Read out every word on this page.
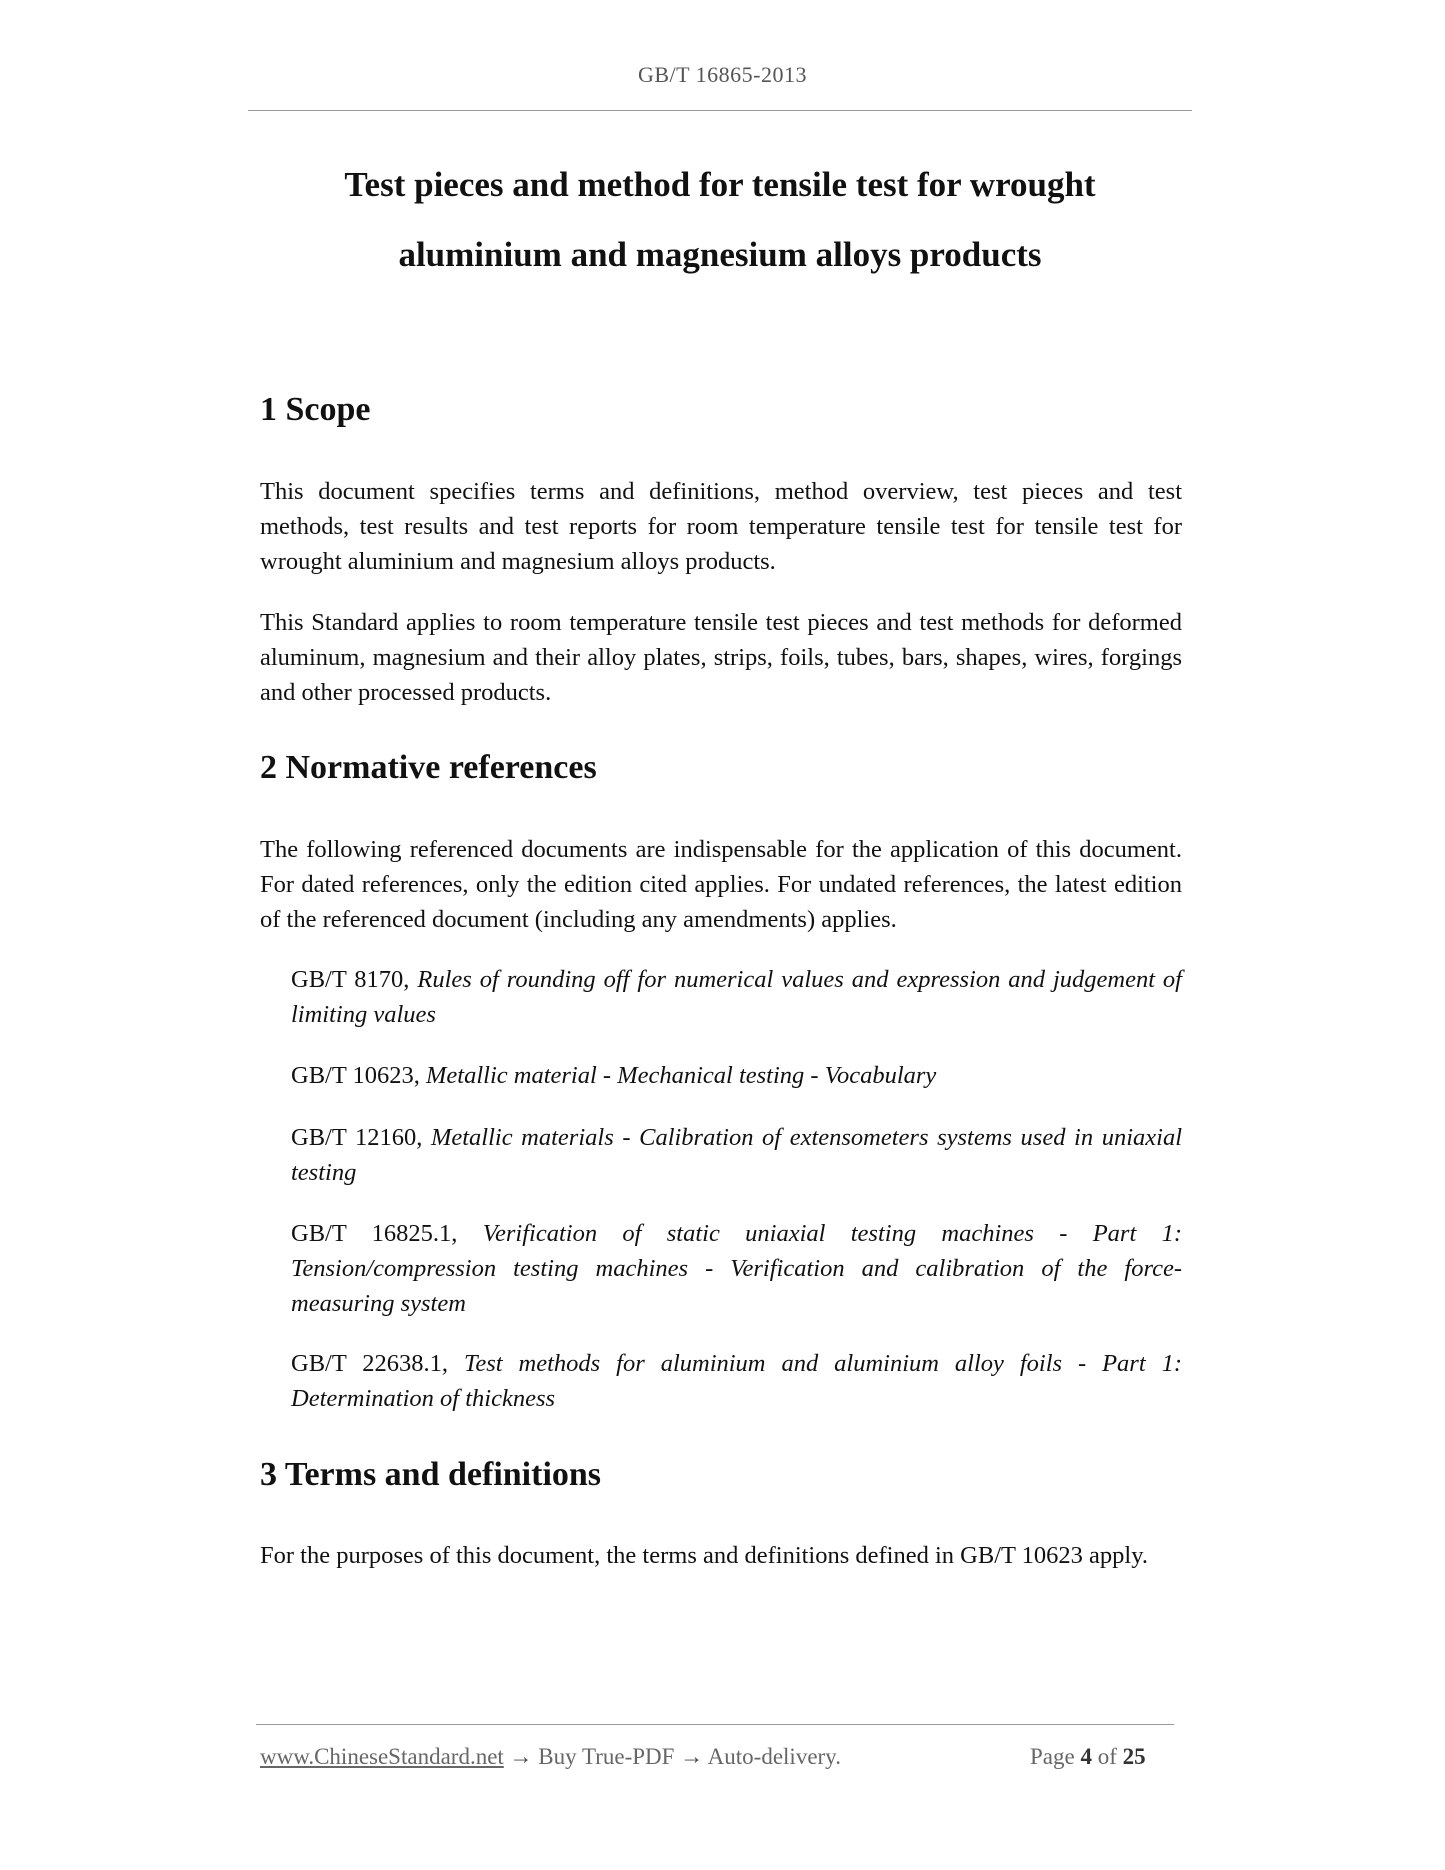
GB/T 16865-2013
Test pieces and method for tensile test for wrought
aluminium and magnesium alloys products
1 Scope

This document specifies terms and definitions, method overview, test pieces and test methods, test results and test reports for room temperature tensile test for tensile test for wrought aluminium and magnesium alloys products.

This Standard applies to room temperature tensile test pieces and test methods for deformed aluminum, magnesium and their alloy plates, strips, foils, tubes, bars, shapes, wires, forgings and other processed products.

2 Normative references

The following referenced documents are indispensable for the application of this document. For dated references, only the edition cited applies. For undated references, the latest edition of the referenced document (including any amendments) applies.

GB/T 8170, Rules of rounding off for numerical values and expression and judgement of limiting values

GB/T 10623, Metallic material - Mechanical testing - Vocabulary

GB/T 12160, Metallic materials - Calibration of extensometers systems used in uniaxial testing

GB/T 16825.1, Verification of static uniaxial testing machines - Part 1: Tension/compression testing machines - Verification and calibration of the force-measuring system

GB/T 22638.1, Test methods for aluminium and aluminium alloy foils - Part 1: Determination of thickness

3 Terms and definitions

For the purposes of this document, the terms and definitions defined in GB/T 10623 apply.

www.ChineseStandard.net → Buy True-PDF → Auto-delivery.	Page 4 of 25
